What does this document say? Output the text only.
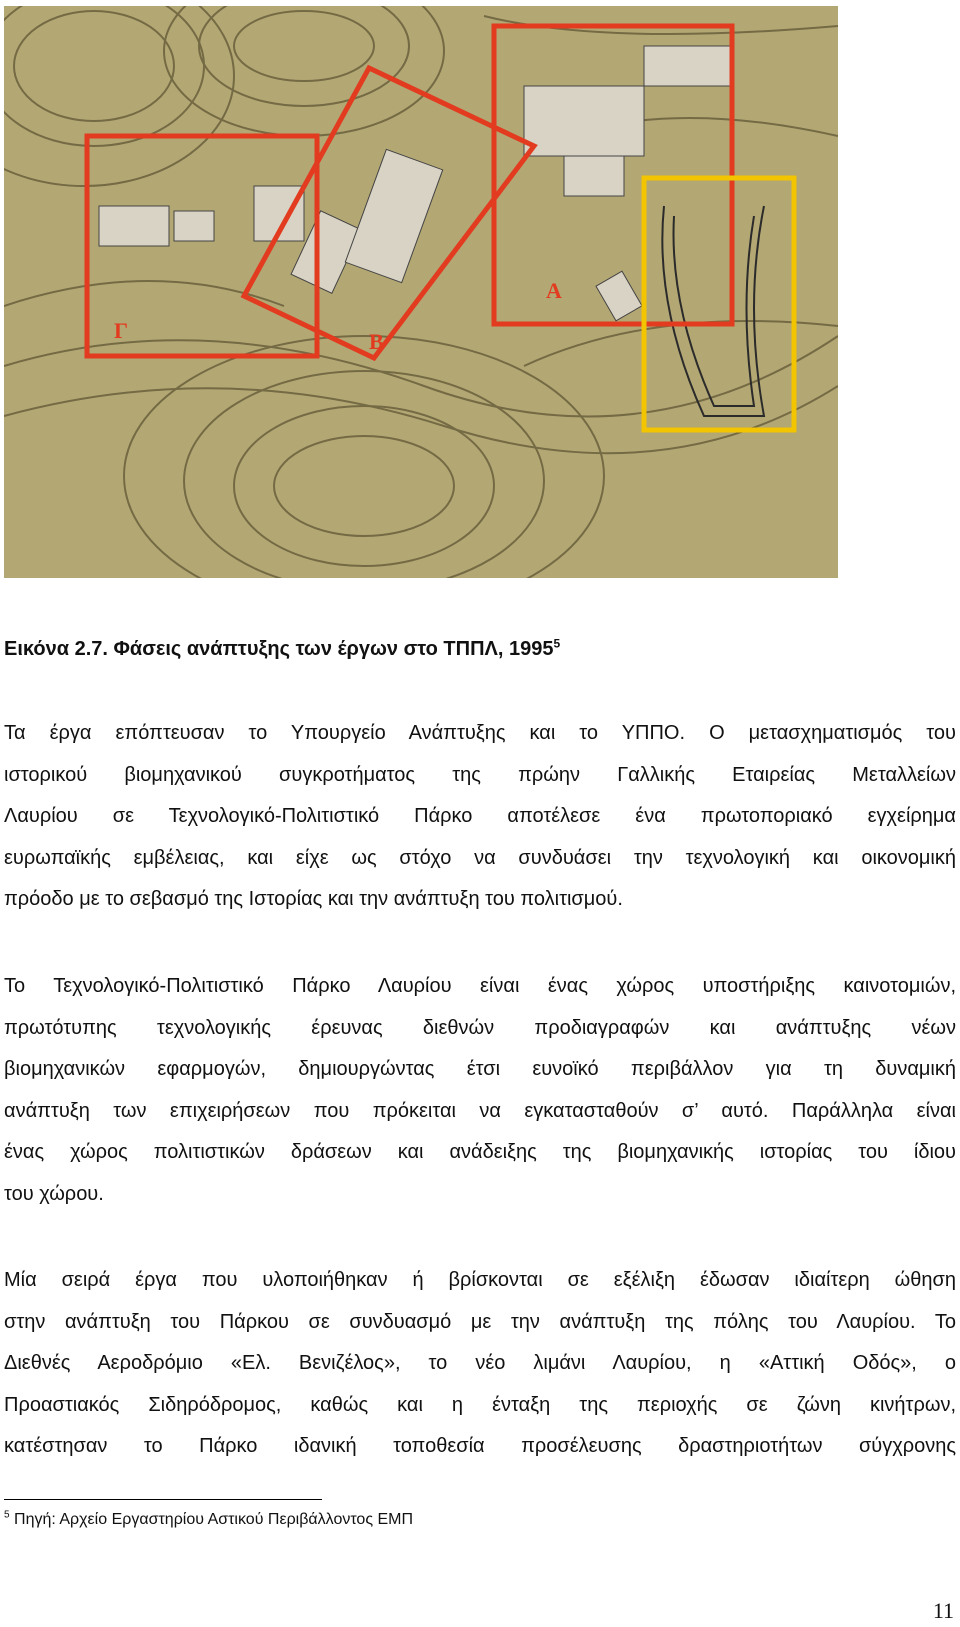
Γ	Β
Α
Εικόνα 2.7. Φάσεις ανάπτυξης των έργων στο ΤΠΠΛ, 1995$^5$
Τα έργα επόπτευσαν το Υπουργείο Ανάπτυξης και το ΥΠΠΟ. Ο μετασχηματισμός του
ιστορικού βιομηχανικού συγκροτήματος της πρώην Γαλλικής Εταιρείας Μεταλλείων
Λαυρίου σε Τεχνολογικό-Πολιτιστικό Πάρκο αποτέλεσε ένα πρωτοποριακό εγχείρημα
ευρωπαϊκής εμβέλειας, και είχε ως στόχο να συνδυάσει την τεχνολογική και οικονομική
πρόοδο με το σεβασμό της Ιστορίας και την ανάπτυξη του πολιτισμού.
Το Τεχνολογικό-Πολιτιστικό Πάρκο Λαυρίου είναι ένας χώρος υποστήριξης καινοτομιών,
πρωτότυπης τεχνολογικής έρευνας διεθνών προδιαγραφών και ανάπτυξης νέων
βιομηχανικών εφαρμογών, δημιουργώντας έτσι ευνοϊκό περιβάλλον για τη δυναμική
ανάπτυξη των επιχειρήσεων που πρόκειται να εγκατασταθούν σ’ αυτό. Παράλληλα είναι
ένας χώρος πολιτιστικών δράσεων και ανάδειξης της βιομηχανικής ιστορίας του ίδιου
του χώρου.
Μία σειρά έργα που υλοποιήθηκαν ή βρίσκονται σε εξέλιξη έδωσαν ιδιαίτερη ώθηση
στην ανάπτυξη του Πάρκου σε συνδυασμό με την ανάπτυξη της πόλης του Λαυρίου. Το
Διεθνές Αεροδρόμιο «Ελ. Βενιζέλος», το νέο λιμάνι Λαυρίου, η «Αττική Οδός», ο
Προαστιακός Σιδηρόδρομος, καθώς και η ένταξη της περιοχής σε ζώνη κινήτρων,
κατέστησαν το Πάρκο ιδανική τοποθεσία προσέλευσης δραστηριοτήτων σύγχρονης
$^5$ Πηγή: Αρχείο Εργαστηρίου Αστικού Περιβάλλοντος ΕΜΠ
11
